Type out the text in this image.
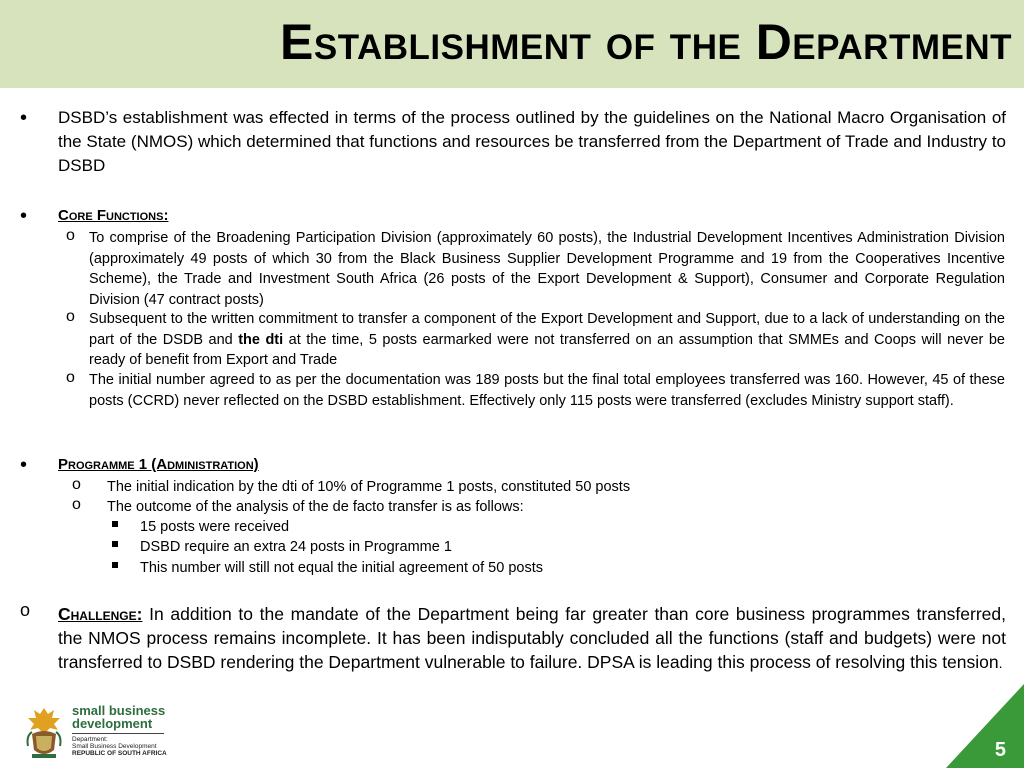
Establishment of the Department
• DSBD’s establishment was effected in terms of the process outlined by the guidelines on the National Macro Organisation of the State (NMOS) which determined that functions and resources be transferred from the Department of Trade and Industry to DSBD

• Core Functions:
o To comprise of the Broadening Participation Division (approximately 60 posts), the Industrial Development Incentives Administration Division (approximately 49 posts of which 30 from the Black Business Supplier Development Programme and 19 from the Cooperatives Incentive Scheme), the Trade and Investment South Africa (26 posts of the Export Development & Support), Consumer and Corporate Regulation Division (47 contract posts)

o Subsequent to the written commitment to transfer a component of the Export Development and Support, due to a lack of understanding on the part of the DSDB and the dti at the time, 5 posts earmarked were not transferred on an assumption that SMMEs and Coops will never be ready of benefit from Export and Trade

o The initial number agreed to as per the documentation was 189 posts but the final total employees transferred was 160. However, 45 of these posts (CCRD) never reflected on the DSBD establishment. Effectively only 115 posts were transferred (excludes Ministry support staff).

• Programme 1 (Administration)
o The initial indication by the dti of 10% of Programme 1 posts, constituted 50 posts
o The outcome of the analysis of the de facto transfer is as follows:
15 posts were received
DSBD require an extra 24 posts in Programme 1
This number will still not equal the initial agreement of 50 posts
o Challenge: In addition to the mandate of the Department being far greater than core business programmes transferred, the NMOS process remains incomplete. It has been indisputably concluded all the functions (staff and budgets) were not transferred to DSBD rendering the Department vulnerable to failure. DPSA is leading this process of resolving this tension.

small business
development
Department:
Small Business Development
REPUBLIC OF SOUTH AFRICA	5
